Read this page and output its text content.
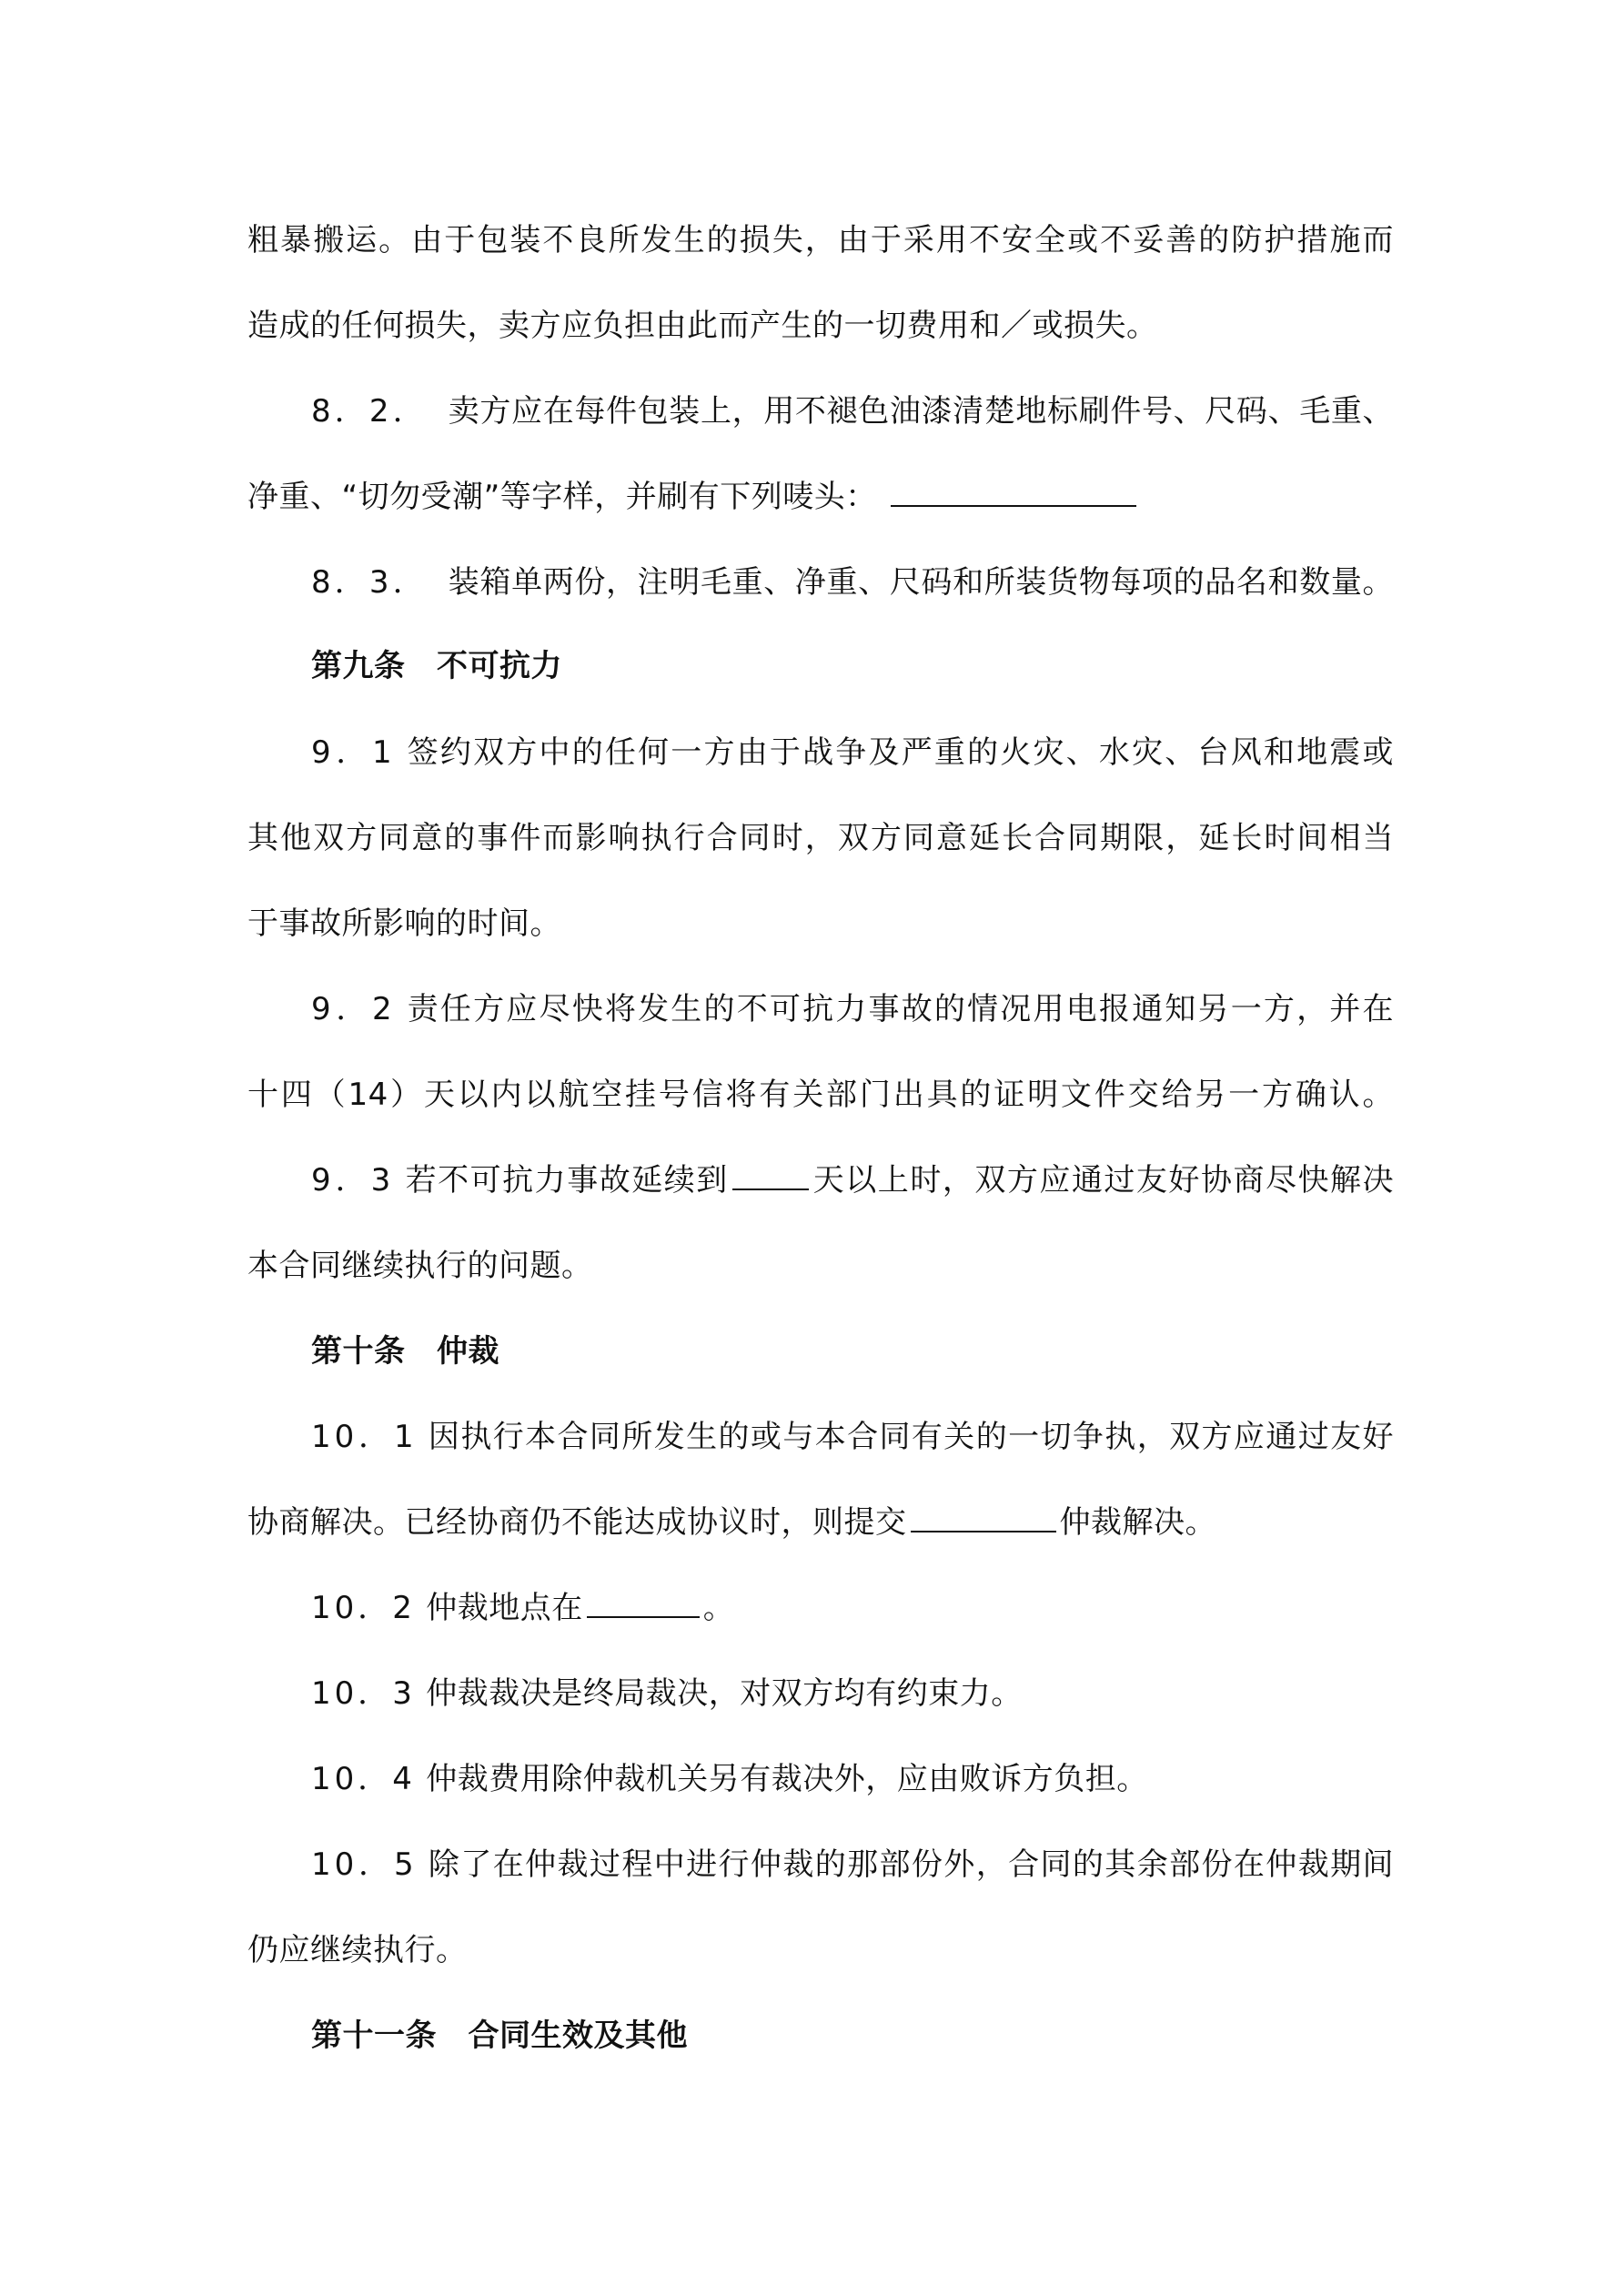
粗暴搬运。由于包装不良所发生的损失，由于采用不安全或不妥善的防护措施而
造成的任何损失，卖方应负担由此而产生的一切费用和／或损失。
8．2． 卖方应在每件包装上，用不褪色油漆清楚地标刷件号、尺码、毛重、
净重、“切勿受潮”等字样，并刷有下列唛头：
8．3． 装箱单两份，注明毛重、净重、尺码和所装货物每项的品名和数量。
第九条　不可抗力
9．1 签约双方中的任何一方由于战争及严重的火灾、水灾、台风和地震或
其他双方同意的事件而影响执行合同时，双方同意延长合同期限，延长时间相当
于事故所影响的时间。
9．2 责任方应尽快将发生的不可抗力事故的情况用电报通知另一方，并在
十四（14）天以内以航空挂号信将有关部门出具的证明文件交给另一方确认。
9．3 若不可抗力事故延续到	天以上时，双方应通过友好协商尽快解决
本合同继续执行的问题。
第十条　仲裁
10．1 因执行本合同所发生的或与本合同有关的一切争执，双方应通过友好
协商解决。已经协商仍不能达成协议时，则提交	仲裁解决。
10．2 仲裁地点在	。
10．3 仲裁裁决是终局裁决，对双方均有约束力。
10．4 仲裁费用除仲裁机关另有裁决外，应由败诉方负担。
10．5 除了在仲裁过程中进行仲裁的那部份外，合同的其余部份在仲裁期间
仍应继续执行。
第十一条　合同生效及其他
